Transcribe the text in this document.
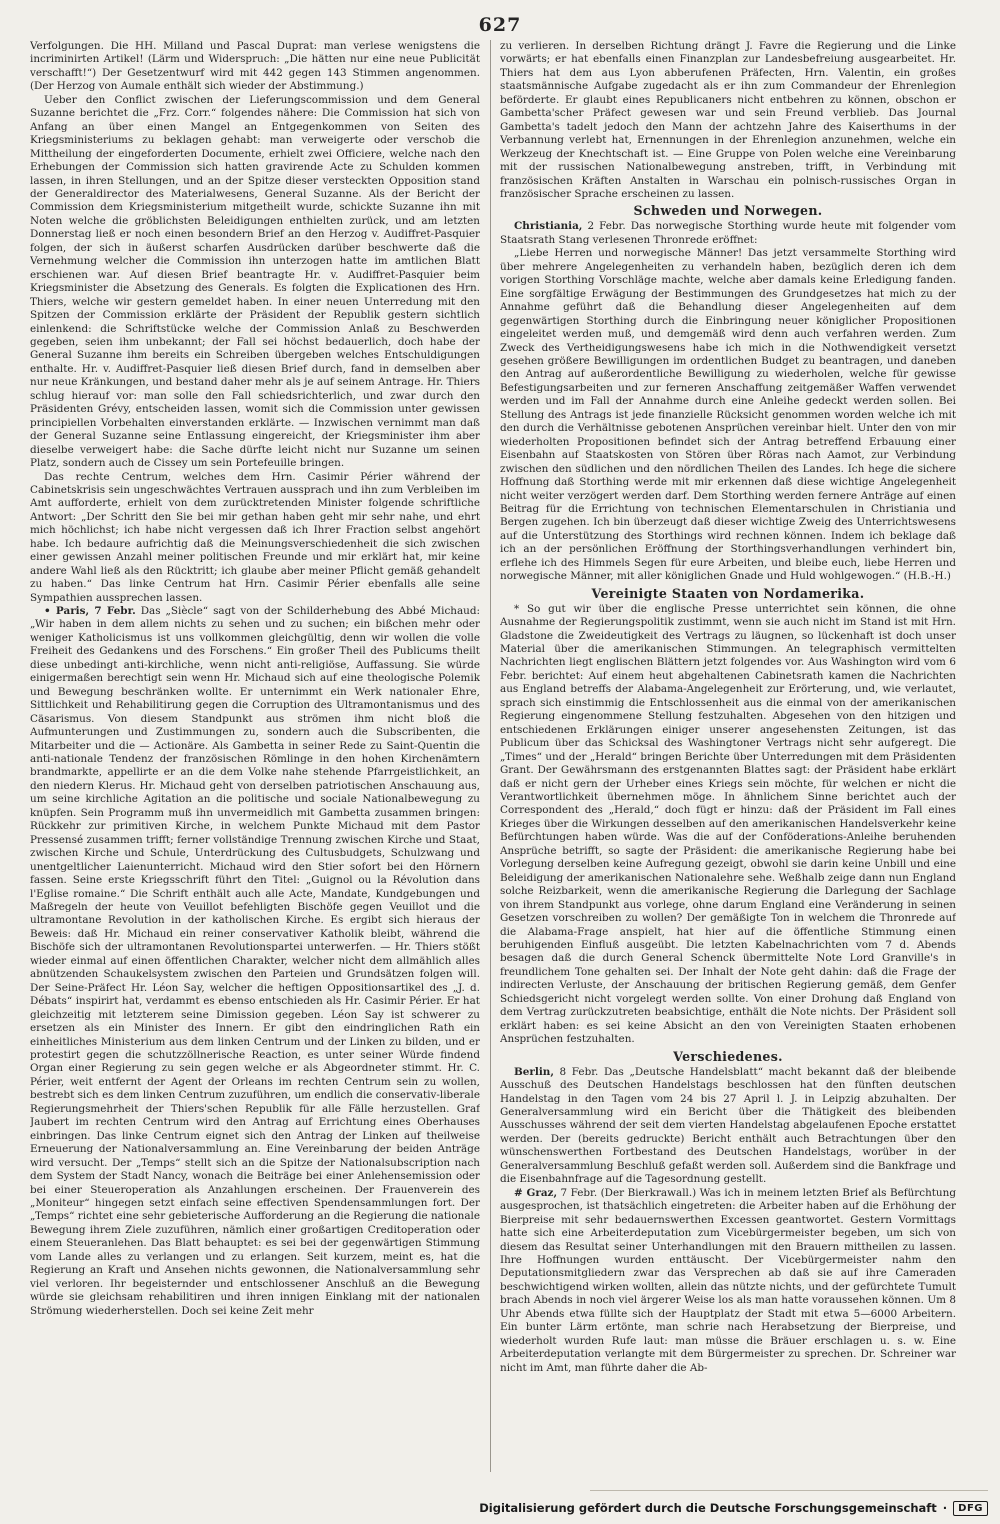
627

Verfolgungen. Die HH. Milland und Pascal Duprat: man verlese wenigstens die incriminirten Artikel! (Lärm und Widerspruch: „Die hätten nur eine neue Publicität verschafft!“) Der Gesetzentwurf wird mit 442 gegen 143 Stimmen angenommen. (Der Herzog von Aumale enthält sich wieder der Abstimmung.)

Ueber den Conflict zwischen der Lieferungscommission und dem General Suzanne berichtet die „Frz. Corr.“ folgendes nähere: Die Commission hat sich von Anfang an über einen Mangel an Entgegenkommen von Seiten des Kriegsministeriums zu beklagen gehabt: man verweigerte oder verschob die Mittheilung der eingeforderten Documente, erhielt zwei Officiere, welche nach den Erhebungen der Commission sich hatten gravirende Acte zu Schulden kommen lassen, in ihren Stellungen, und an der Spitze dieser versteckten Opposition stand der Generaldirector des Materialwesens, General Suzanne. Als der Bericht der Commission dem Kriegsministerium mitgetheilt wurde, schickte Suzanne ihn mit Noten welche die gröblichsten Beleidigungen enthielten zurück, und am letzten Donnerstag ließ er noch einen besondern Brief an den Herzog v. Audiffret-Pasquier folgen, der sich in äußerst scharfen Ausdrücken darüber beschwerte daß die Vernehmung welcher die Commission ihn unterzogen hatte im amtlichen Blatt erschienen war. Auf diesen Brief beantragte Hr. v. Audiffret-Pasquier beim Kriegsminister die Absetzung des Generals. Es folgten die Explicationen des Hrn. Thiers, welche wir gestern gemeldet haben. In einer neuen Unterredung mit den Spitzen der Commission erklärte der Präsident der Republik gestern sichtlich einlenkend: die Schriftstücke welche der Commission Anlaß zu Beschwerden gegeben, seien ihm unbekannt; der Fall sei höchst bedauerlich, doch habe der General Suzanne ihm bereits ein Schreiben übergeben welches Entschuldigungen enthalte. Hr. v. Audiffret-Pasquier ließ diesen Brief durch, fand in demselben aber nur neue Kränkungen, und bestand daher mehr als je auf seinem Antrage. Hr. Thiers schlug hierauf vor: man solle den Fall schiedsrichterlich, und zwar durch den Präsidenten Grévy, entscheiden lassen, womit sich die Commission unter gewissen principiellen Vorbehalten einverstanden erklärte. — Inzwischen vernimmt man daß der General Suzanne seine Entlassung eingereicht, der Kriegsminister ihm aber dieselbe verweigert habe: die Sache dürfte leicht nicht nur Suzanne um seinen Platz, sondern auch de Cissey um sein Portefeuille bringen.

Das rechte Centrum, welches dem Hrn. Casimir Périer während der Cabinetskrisis sein ungeschwächtes Vertrauen aussprach und ihn zum Verbleiben im Amt aufforderte, erhielt von dem zurücktretenden Minister folgende schriftliche Antwort: „Der Schritt den Sie bei mir gethan haben geht mir sehr nahe, und ehrt mich höchlichst; ich habe nicht vergessen daß ich Ihrer Fraction selbst angehört habe. Ich bedaure aufrichtig daß die Meinungsverschiedenheit die sich zwischen einer gewissen Anzahl meiner politischen Freunde und mir erklärt hat, mir keine andere Wahl ließ als den Rücktritt; ich glaube aber meiner Pflicht gemäß gehandelt zu haben.“ Das linke Centrum hat Hrn. Casimir Périer ebenfalls alle seine Sympathien aussprechen lassen.

• Paris, 7 Febr. Das „Siècle“ sagt von der Schilderhebung des Abbé Michaud: „Wir haben in dem allem nichts zu sehen und zu suchen; ein bißchen mehr oder weniger Katholicismus ist uns vollkommen gleichgültig, denn wir wollen die volle Freiheit des Gedankens und des Forschens.“ Ein großer Theil des Publicums theilt diese unbedingt anti-kirchliche, wenn nicht anti-religiöse, Auffassung. Sie würde einigermaßen berechtigt sein wenn Hr. Michaud sich auf eine theologische Polemik und Bewegung beschränken wollte. Er unternimmt ein Werk nationaler Ehre, Sittlichkeit und Rehabilitirung gegen die Corruption des Ultramontanismus und des Cäsarismus. Von diesem Standpunkt aus strömen ihm nicht bloß die Aufmunterungen und Zustimmungen zu, sondern auch die Subscribenten, die Mitarbeiter und die — Actionäre. Als Gambetta in seiner Rede zu Saint-Quentin die anti-nationale Tendenz der französischen Römlinge in den hohen Kirchenämtern brandmarkte, appellirte er an die dem Volke nahe stehende Pfarrgeistlichkeit, an den niedern Klerus. Hr. Michaud geht von derselben patriotischen Anschauung aus, um seine kirchliche Agitation an die politische und sociale Nationalbewegung zu knüpfen. Sein Programm muß ihn unvermeidlich mit Gambetta zusammen bringen: Rückkehr zur primitiven Kirche, in welchem Punkte Michaud mit dem Pastor Pressensé zusammen trifft; ferner vollständige Trennung zwischen Kirche und Staat, zwischen Kirche und Schule, Unterdrückung des Cultusbudgets, Schulzwang und unentgeltlicher Laienunterricht. Michaud wird den Stier sofort bei den Hörnern fassen. Seine erste Kriegsschrift führt den Titel: „Guignol ou la Révolution dans l'Eglise romaine.“ Die Schrift enthält auch alle Acte, Mandate, Kundgebungen und Maßregeln der heute von Veuillot befehligten Bischöfe gegen Veuillot und die ultramontane Revolution in der katholischen Kirche. Es ergibt sich hieraus der Beweis: daß Hr. Michaud ein reiner conservativer Katholik bleibt, während die Bischöfe sich der ultramontanen Revolutionspartei unterwerfen. — Hr. Thiers stößt wieder einmal auf einen öffentlichen Charakter, welcher nicht dem allmählich alles abnützenden Schaukelsystem zwischen den Parteien und Grundsätzen folgen will. Der Seine-Präfect Hr. Léon Say, welcher die heftigen Oppositionsartikel des „J. d. Débats“ inspirirt hat, verdammt es ebenso entschieden als Hr. Casimir Périer. Er hat gleichzeitig mit letzterem seine Dimission gegeben. Léon Say ist schwerer zu ersetzen als ein Minister des Innern. Er gibt den eindringlichen Rath ein einheitliches Ministerium aus dem linken Centrum und der Linken zu bilden, und er protestirt gegen die schutzzöllnerische Reaction, es unter seiner Würde findend Organ einer Regierung zu sein gegen welche er als Abgeordneter stimmt. Hr. C. Périer, weit entfernt der Agent der Orleans im rechten Centrum sein zu wollen, bestrebt sich es dem linken Centrum zuzuführen, um endlich die conservativ-liberale Regierungsmehrheit der Thiers'schen Republik für alle Fälle herzustellen. Graf Jaubert im rechten Centrum wird den Antrag auf Errichtung eines Oberhauses einbringen. Das linke Centrum eignet sich den Antrag der Linken auf theilweise Erneuerung der Nationalversammlung an. Eine Vereinbarung der beiden Anträge wird versucht. Der „Temps“ stellt sich an die Spitze der Nationalsubscription nach dem System der Stadt Nancy, wonach die Beiträge bei einer Anlehensemission oder bei einer Steueroperation als Anzahlungen erscheinen. Der Frauenverein des „Moniteur“ hingegen setzt einfach seine effectiven Spendensammlungen fort. Der „Temps“ richtet eine sehr gebieterische Aufforderung an die Regierung die nationale Bewegung ihrem Ziele zuzuführen, nämlich einer großartigen Creditoperation oder einem Steueranlehen. Das Blatt behauptet: es sei bei der gegenwärtigen Stimmung vom Lande alles zu verlangen und zu erlangen. Seit kurzem, meint es, hat die Regierung an Kraft und Ansehen nichts gewonnen, die Nationalversammlung sehr viel verloren. Ihr begeisternder und entschlossener Anschluß an die Bewegung würde sie gleichsam rehabilitiren und ihren innigen Einklang mit der nationalen Strömung wiederherstellen. Doch sei keine Zeit mehr

zu verlieren. In derselben Richtung drängt J. Favre die Regierung und die Linke vorwärts; er hat ebenfalls einen Finanzplan zur Landesbefreiung ausgearbeitet. Hr. Thiers hat dem aus Lyon abberufenen Präfecten, Hrn. Valentin, ein großes staatsmännische Aufgabe zugedacht als er ihn zum Commandeur der Ehrenlegion beförderte. Er glaubt eines Republicaners nicht entbehren zu können, obschon er Gambetta'scher Präfect gewesen war und sein Freund verblieb. Das Journal Gambetta's tadelt jedoch den Mann der achtzehn Jahre des Kaiserthums in der Verbannung verlebt hat, Ernennungen in der Ehrenlegion anzunehmen, welche ein Werkzeug der Knechtschaft ist. — Eine Gruppe von Polen welche eine Vereinbarung mit der russischen Nationalbewegung anstreben, trifft, in Verbindung mit französischen Kräften Anstalten in Warschau ein polnisch-russisches Organ in französischer Sprache erscheinen zu lassen.

Schweden und Norwegen.

Christiania, 2 Febr. Das norwegische Storthing wurde heute mit folgender vom Staatsrath Stang verlesenen Thronrede eröffnet:

„Liebe Herren und norwegische Männer! Das jetzt versammelte Storthing wird über mehrere Angelegenheiten zu verhandeln haben, bezüglich deren ich dem vorigen Storthing Vorschläge machte, welche aber damals keine Erledigung fanden. Eine sorgfältige Erwägung der Bestimmungen des Grundgesetzes hat mich zu der Annahme geführt daß die Behandlung dieser Angelegenheiten auf dem gegenwärtigen Storthing durch die Einbringung neuer königlicher Propositionen eingeleitet werden muß, und demgemäß wird denn auch verfahren werden. Zum Zweck des Vertheidigungswesens habe ich mich in die Nothwendigkeit versetzt gesehen größere Bewilligungen im ordentlichen Budget zu beantragen, und daneben den Antrag auf außerordentliche Bewilligung zu wiederholen, welche für gewisse Befestigungsarbeiten und zur ferneren Anschaffung zeitgemäßer Waffen verwendet werden und im Fall der Annahme durch eine Anleihe gedeckt werden sollen. Bei Stellung des Antrags ist jede finanzielle Rücksicht genommen worden welche ich mit den durch die Verhältnisse gebotenen Ansprüchen vereinbar hielt. Unter den von mir wiederholten Propositionen befindet sich der Antrag betreffend Erbauung einer Eisenbahn auf Staatskosten von Stören über Röras nach Aamot, zur Verbindung zwischen den südlichen und den nördlichen Theilen des Landes. Ich hege die sichere Hoffnung daß Storthing werde mit mir erkennen daß diese wichtige Angelegenheit nicht weiter verzögert werden darf. Dem Storthing werden fernere Anträge auf einen Beitrag für die Errichtung von technischen Elementarschulen in Christiania und Bergen zugehen. Ich bin überzeugt daß dieser wichtige Zweig des Unterrichtswesens auf die Unterstützung des Storthings wird rechnen können. Indem ich beklage daß ich an der persönlichen Eröffnung der Storthingsverhandlungen verhindert bin, erflehe ich des Himmels Segen für eure Arbeiten, und bleibe euch, liebe Herren und norwegische Männer, mit aller königlichen Gnade und Huld wohlgewogen.“ (H.B.-H.)

Vereinigte Staaten von Nordamerika.

* So gut wir über die englische Presse unterrichtet sein können, die ohne Ausnahme der Regierungspolitik zustimmt, wenn sie auch nicht im Stand ist mit Hrn. Gladstone die Zweideutigkeit des Vertrags zu läugnen, so lückenhaft ist doch unser Material über die amerikanischen Stimmungen. An telegraphisch vermittelten Nachrichten liegt englischen Blättern jetzt folgendes vor. Aus Washington wird vom 6 Febr. berichtet: Auf einem heut abgehaltenen Cabinetsrath kamen die Nachrichten aus England betreffs der Alabama-Angelegenheit zur Erörterung, und, wie verlautet, sprach sich einstimmig die Entschlossenheit aus die einmal von der amerikanischen Regierung eingenommene Stellung festzuhalten. Abgesehen von den hitzigen und entschiedenen Erklärungen einiger unserer angesehensten Zeitungen, ist das Publicum über das Schicksal des Washingtoner Vertrags nicht sehr aufgeregt. Die „Times“ und der „Herald“ bringen Berichte über Unterredungen mit dem Präsidenten Grant. Der Gewährsmann des erstgenannten Blattes sagt: der Präsident habe erklärt daß er nicht gern der Urheber eines Kriegs sein möchte, für welchen er nicht die Verantwortlichkeit übernehmen möge. In ähnlichem Sinne berichtet auch der Correspondent des „Herald,“ doch fügt er hinzu: daß der Präsident im Fall eines Krieges über die Wirkungen desselben auf den amerikanischen Handelsverkehr keine Befürchtungen haben würde. Was die auf der Conföderations-Anleihe beruhenden Ansprüche betrifft, so sagte der Präsident: die amerikanische Regierung habe bei Vorlegung derselben keine Aufregung gezeigt, obwohl sie darin keine Unbill und eine Beleidigung der amerikanischen Nationalehre sehe. Weßhalb zeige dann nun England solche Reizbarkeit, wenn die amerikanische Regierung die Darlegung der Sachlage von ihrem Standpunkt aus vorlege, ohne darum England eine Veränderung in seinen Gesetzen vorschreiben zu wollen? Der gemäßigte Ton in welchem die Thronrede auf die Alabama-Frage anspielt, hat hier auf die öffentliche Stimmung einen beruhigenden Einfluß ausgeübt. Die letzten Kabelnachrichten vom 7 d. Abends besagen daß die durch General Schenck übermittelte Note Lord Granville's in freundlichem Tone gehalten sei. Der Inhalt der Note geht dahin: daß die Frage der indirecten Verluste, der Anschauung der britischen Regierung gemäß, dem Genfer Schiedsgericht nicht vorgelegt werden sollte. Von einer Drohung daß England von dem Vertrag zurückzutreten beabsichtige, enthält die Note nichts. Der Präsident soll erklärt haben: es sei keine Absicht an den von Vereinigten Staaten erhobenen Ansprüchen festzuhalten.

Verschiedenes.

Berlin, 8 Febr. Das „Deutsche Handelsblatt“ macht bekannt daß der bleibende Ausschuß des Deutschen Handelstags beschlossen hat den fünften deutschen Handelstag in den Tagen vom 24 bis 27 April l. J. in Leipzig abzuhalten. Der Generalversammlung wird ein Bericht über die Thätigkeit des bleibenden Ausschusses während der seit dem vierten Handelstag abgelaufenen Epoche erstattet werden. Der (bereits gedruckte) Bericht enthält auch Betrachtungen über den wünschenswerthen Fortbestand des Deutschen Handelstags, worüber in der Generalversammlung Beschluß gefaßt werden soll. Außerdem sind die Bankfrage und die Eisenbahnfrage auf die Tagesordnung gestellt.

# Graz, 7 Febr. (Der Bierkrawall.) Was ich in meinem letzten Brief als Befürchtung ausgesprochen, ist thatsächlich eingetreten: die Arbeiter haben auf die Erhöhung der Bierpreise mit sehr bedauernswerthen Excessen geantwortet. Gestern Vormittags hatte sich eine Arbeiterdeputation zum Vicebürgermeister begeben, um sich von diesem das Resultat seiner Unterhandlungen mit den Brauern mittheilen zu lassen. Ihre Hoffnungen wurden enttäuscht. Der Vicebürgermeister nahm den Deputationsmitgliedern zwar das Versprechen ab daß sie auf ihre Cameraden beschwichtigend wirken wollten, allein das nützte nichts, und der gefürchtete Tumult brach Abends in noch viel ärgerer Weise los als man hatte voraussehen können. Um 8 Uhr Abends etwa füllte sich der Hauptplatz der Stadt mit etwa 5—6000 Arbeitern. Ein bunter Lärm ertönte, man schrie nach Herabsetzung der Bierpreise, und wiederholt wurden Rufe laut: man müsse die Bräuer erschlagen u. s. w. Eine Arbeiterdeputation verlangte mit dem Bürgermeister zu sprechen. Dr. Schreiner war nicht im Amt, man führte daher die Ab-

Digitalisierung gefördert durch die Deutsche Forschungsgemeinschaft ·	DFG
